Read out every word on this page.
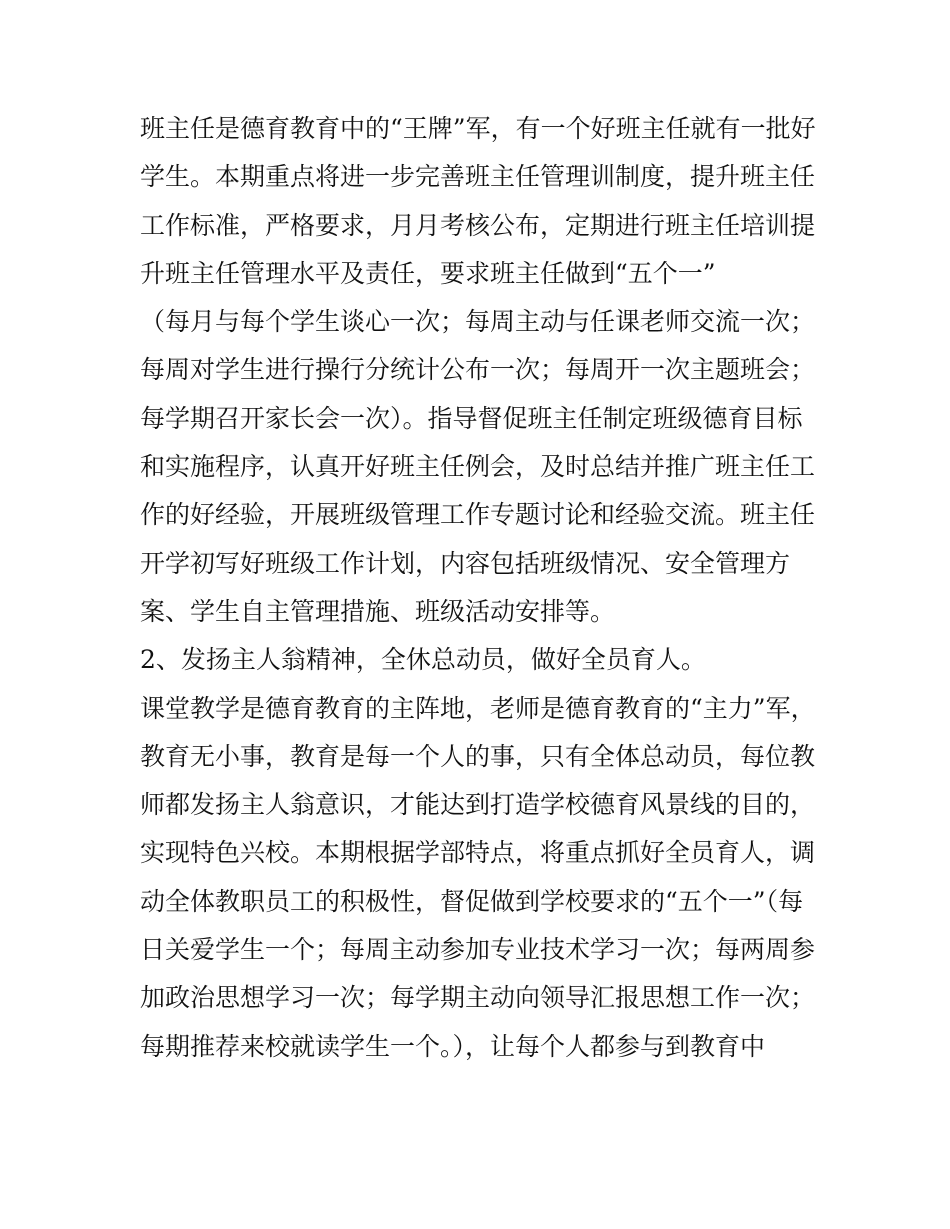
班主任是德育教育中的“王牌”军，有一个好班主任就有一批好
学生。本期重点将进一步完善班主任管理训制度，提升班主任
工作标准，严格要求，月月考核公布，定期进行班主任培训提
升班主任管理水平及责任，要求班主任做到“五个一”
（每月与每个学生谈心一次；每周主动与任课老师交流一次；
每周对学生进行操行分统计公布一次；每周开一次主题班会；
每学期召开家长会一次）。指导督促班主任制定班级德育目标
和实施程序，认真开好班主任例会，及时总结并推广班主任工
作的好经验，开展班级管理工作专题讨论和经验交流。班主任
开学初写好班级工作计划，内容包括班级情况、安全管理方
案、学生自主管理措施、班级活动安排等。
2、发扬主人翁精神，全休总动员，做好全员育人。
课堂教学是德育教育的主阵地，老师是德育教育的“主力”军，
教育无小事，教育是每一个人的事，只有全体总动员，每位教
师都发扬主人翁意识，才能达到打造学校德育风景线的目的，
实现特色兴校。本期根据学部特点，将重点抓好全员育人，调
动全体教职员工的积极性，督促做到学校要求的“五个一”（每
日关爱学生一个；每周主动参加专业技术学习一次；每两周参
加政治思想学习一次；每学期主动向领导汇报思想工作一次；
每期推荐来校就读学生一个。），让每个人都参与到教育中
